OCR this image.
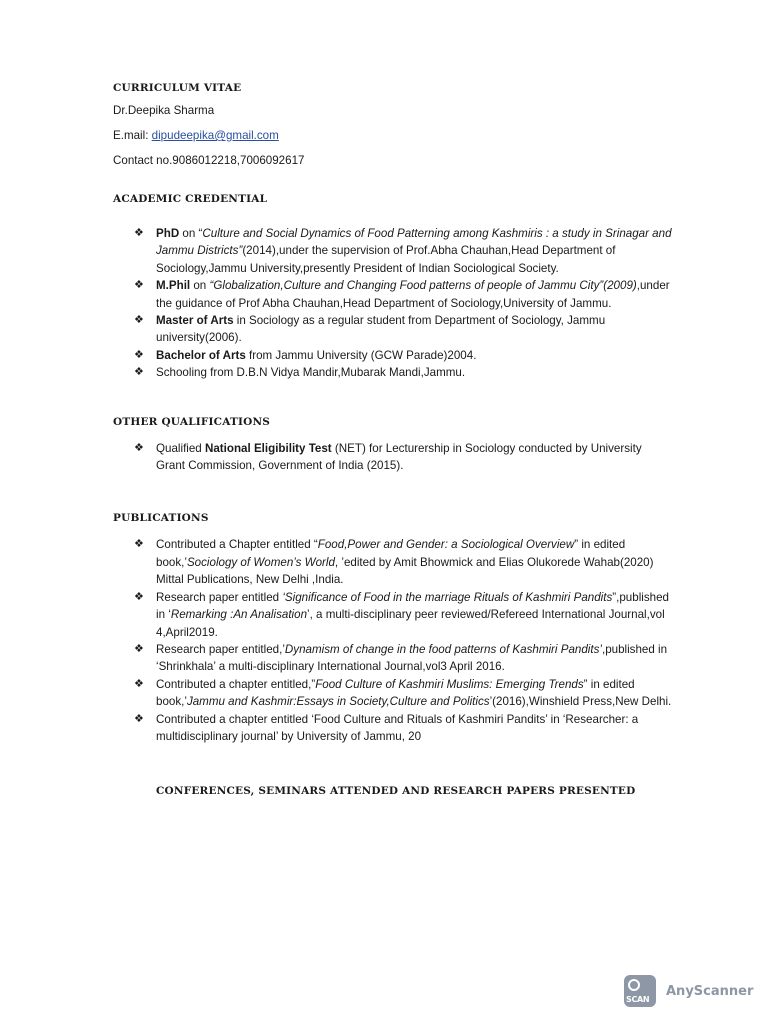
CURRICULUM VITAE

Dr.Deepika Sharma

E.mail: dipudeepika@gmail.com

Contact no.9086012218,7006092617

ACADEMIC CREDENTIAL

❖ PhD on “Culture and Social Dynamics of Food Patterning among Kashmiris : a study in Srinagar and Jammu Districts”(2014),under the supervision of Prof.Abha Chauhan,Head Department of Sociology,Jammu University,presently President of Indian Sociological Society.
❖ M.Phil on “Globalization,Culture and Changing Food patterns of people of Jammu City”(2009),under the guidance of Prof Abha Chauhan,Head Department of Sociology,University of Jammu.
❖ Master of Arts in Sociology as a regular student from Department of Sociology, Jammu university(2006).
❖ Bachelor of Arts from Jammu University (GCW Parade)2004.
❖ Schooling from D.B.N Vidya Mandir,Mubarak Mandi,Jammu.

OTHER QUALIFICATIONS

❖ Qualified National Eligibility Test (NET) for Lecturership in Sociology conducted by University Grant Commission, Government of India (2015).

PUBLICATIONS

❖ Contributed a Chapter entitled “Food,Power and Gender: a Sociological Overview” in edited book,’Sociology of Women’s World, ’edited by Amit Bhowmick and Elias Olukorede Wahab(2020) Mittal Publications, New Delhi ,India.
❖ Research paper entitled ‘Significance of Food in the marriage Rituals of Kashmiri Pandits”,published in ‘Remarking :An Analisation’, a multi-disciplinary peer reviewed/Refereed International Journal,vol 4,April2019.
❖ Research paper entitled,’Dynamism of change in the food patterns of Kashmiri Pandits’,published in ‘Shrinkhala’ a multi-disciplinary International Journal,vol3 April 2016.
❖ Contributed a chapter entitled,”Food Culture of Kashmiri Muslims: Emerging Trends” in edited book,’Jammu and Kashmir:Essays in Society,Culture and Politics’(2016),Winshield Press,New Delhi.
❖ Contributed a chapter entitled ‘Food Culture and Rituals of Kashmiri Pandits’ in ‘Researcher: a multidisciplinary journal’ by University of Jammu, 20

CONFERENCES, SEMINARS ATTENDED AND RESEARCH PAPERS PRESENTED

SCAN
AnyScanner
